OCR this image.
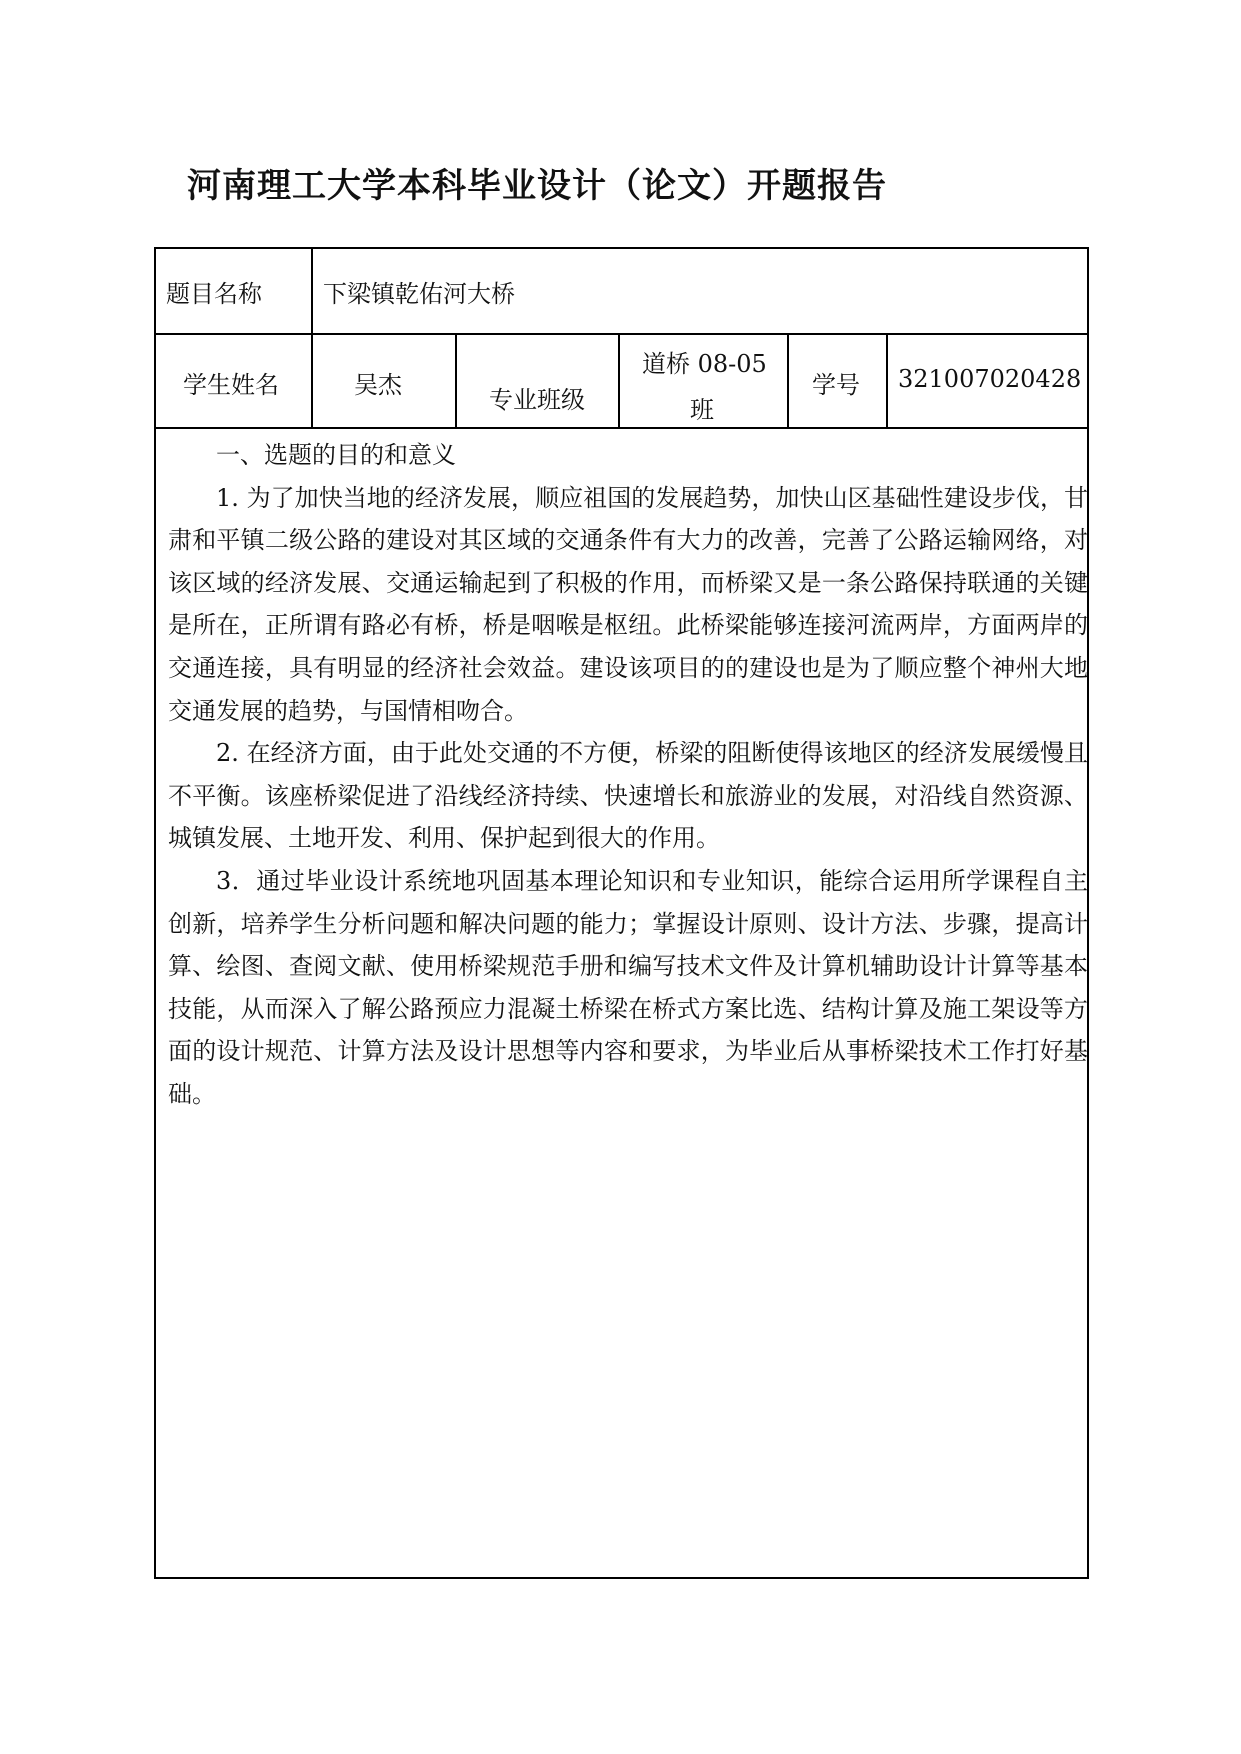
河南理工大学本科毕业设计（论文）开题报告
题目名称	下梁镇乾佑河大桥
学生姓名	吴杰
专业班级
道桥 08-05
班
学号 321007020428
一、选题的目的和意义

1. 为了加快当地的经济发展，顺应祖国的发展趋势，加快山区基础性建设步伐，甘肃和平镇二级公路的建设对其区域的交通条件有大力的改善，完善了公路运输网络，对该区域的经济发展、交通运输起到了积极的作用，而桥梁又是一条公路保持联通的关键是所在，正所谓有路必有桥，桥是咽喉是枢纽。此桥梁能够连接河流两岸，方面两岸的交通连接，具有明显的经济社会效益。建设该项目的的建设也是为了顺应整个神州大地交通发展的趋势，与国情相吻合。

2. 在经济方面，由于此处交通的不方便，桥梁的阻断使得该地区的经济发展缓慢且不平衡。该座桥梁促进了沿线经济持续、快速增长和旅游业的发展，对沿线自然资源、城镇发展、土地开发、利用、保护起到很大的作用。

3．通过毕业设计系统地巩固基本理论知识和专业知识，能综合运用所学课程自主创新，培养学生分析问题和解决问题的能力；掌握设计原则、设计方法、步骤，提高计算、绘图、查阅文献、使用桥梁规范手册和编写技术文件及计算机辅助设计计算等基本技能，从而深入了解公路预应力混凝土桥梁在桥式方案比选、结构计算及施工架设等方面的设计规范、计算方法及设计思想等内容和要求，为毕业后从事桥梁技术工作打好基础。
